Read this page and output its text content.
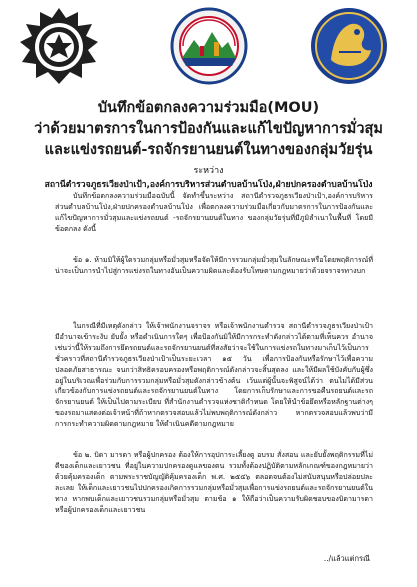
บันทึกข้อตกลงความร่วมมือ(MOU)
ว่าด้วยมาตรการในการป้องกันและแก้ไขปัญหาการมั่วสุม
และแข่งรถยนต์-รถจักรยานยนต์ในทางของกลุ่มวัยรุ่น
ระหว่าง
สถานีตำรวจภูธรเวียงป่าเป้า,องค์การบริหารส่วนตำบลบ้านโป่ง,ฝ่ายปกครองตำบลบ้านโป่ง

บันทึกข้อตกลงความร่วมมือฉบับนี้ จัดทำขึ้นระหว่าง สถานีตำรวจภูธรเวียงป่าเป้า,องค์การบริหารส่วนตำบลบ้านโป่ง,ฝ่ายปกครองตำบลบ้านโป่ง เพื่อตกลงความร่วมมือเกี่ยวกับมาตรการในการป้องกันและแก้ไขปัญหาการมั่วสุมและแข่งรถยนต์ -รถจักรยานยนต์ในทาง ของกลุ่มวัยรุ่นที่มีภูมิลำเนาในพื้นที่ โดยมีข้อตกลง ดังนี้

ข้อ ๑. ห้ามมิให้ผู้ใดรวมกลุ่มหรือมั่วสุมหรือจัดให้มีการรวมกลุ่มมั่วสุมในลักษณะหรือโดยพฤติการณ์ที่น่าจะเป็นการนำไปสู่การแข่งรถในทางอันเป็นความผิดและต้องรับโทษตามกฎหมายว่าด้วยจราจรทางบก

ในกรณีที่มีเหตุดังกล่าว ให้เจ้าพนักงานจราจร หรือเจ้าพนักงานตำรวจ สถานีตำรวจภูธรเวียงป่าเป้า มีอำนาจเข้าระงับ ยับยั้ง หรือดำเนินการใดๆ เพื่อป้องกันมิให้มีการกระทำดังกล่าวได้ตามที่เห็นควร อำนาจเช่นว่านี้ให้รวมถึงการยึดรถยนต์และรถจักรยานยนต์ที่สงสัยว่าจะใช้ในการแข่งรถในทางมาเก็บไว้เป็นการชั่วคราวที่สถานีตำรวจภูธรเวียงป่าเป้าเป็นระยะเวลา ๑๕ วัน เพื่อการป้องกันหรือรักษาไว้เพื่อความปลอดภัยสาธารณะ จนกว่าสิทธิครอบครองหรือพฤติการณ์ดังกล่าวจะสิ้นสุดลง และให้มีผลใช้บังคับกับผู้ซึ่งอยู่ในบริเวณเพื่อร่วมกับการรวมกลุ่มหรือมั่วสุมดังกล่าวข้างต้น เว้นแต่ผู้นั้นจะพิสูจน์ได้ว่า ตนไม่ได้มีส่วนเกี่ยวข้องกับการแข่งรถยนต์และรถจักรยานยนต์ในทาง โดยการเก็บรักษาและการขอคืนรถยนต์และรถจักรยานยนต์ ให้เป็นไปตามระเบียบ ที่สำนักงานตำรวจแห่งชาติกำหนด โดยให้นำข้อยึดหรือหลักฐานต่างๆ ของรถมาแสดงต่อเจ้าหน้าที่ถ้าหากตรวจสอบแล้วไม่พบพฤติการณ์ดังกล่าว หากตรวจสอบแล้วพบว่ามีการกระทำความผิดตามกฎหมาย ให้ดำเนินคดีตามกฎหมาย

ข้อ ๒. บิดา มารดา หรือผู้ปกครอง ต้องให้การอุปการะเลี้ยงดู อบรม สั่งสอน และยับยั้งพฤติกรรมที่ไม่ดีของเด็กและเยาวชน ที่อยู่ในความปกครองดูแลของตน รวมทั้งต้องปฏิบัติตามหลักเกณฑ์ของกฎหมายว่าด้วยคุ้มครองเด็ก ตามพระราชบัญญัติคุ้มครองเด็ก พ.ศ. ๒๕๔๖ ตลอดจนต้องไม่สนับสนุนหรือปล่อยปละละเลย ให้เด็กและเยาวชนไปปกครองเกิดการรวมกลุ่มหรือมั่วสุมเพื่อการแข่งรถยนต์และรถจักรยานยนต์ในทาง หากพบเด็กและเยาวชนรวมกลุ่มหรือมั่วสุม ตามข้อ ๑ ให้ถือว่าเป็นความรับผิดชอบของบิดามารดา หรือผู้ปกครองเด็กและเยาวชน

../แล้วแต่กรณี
